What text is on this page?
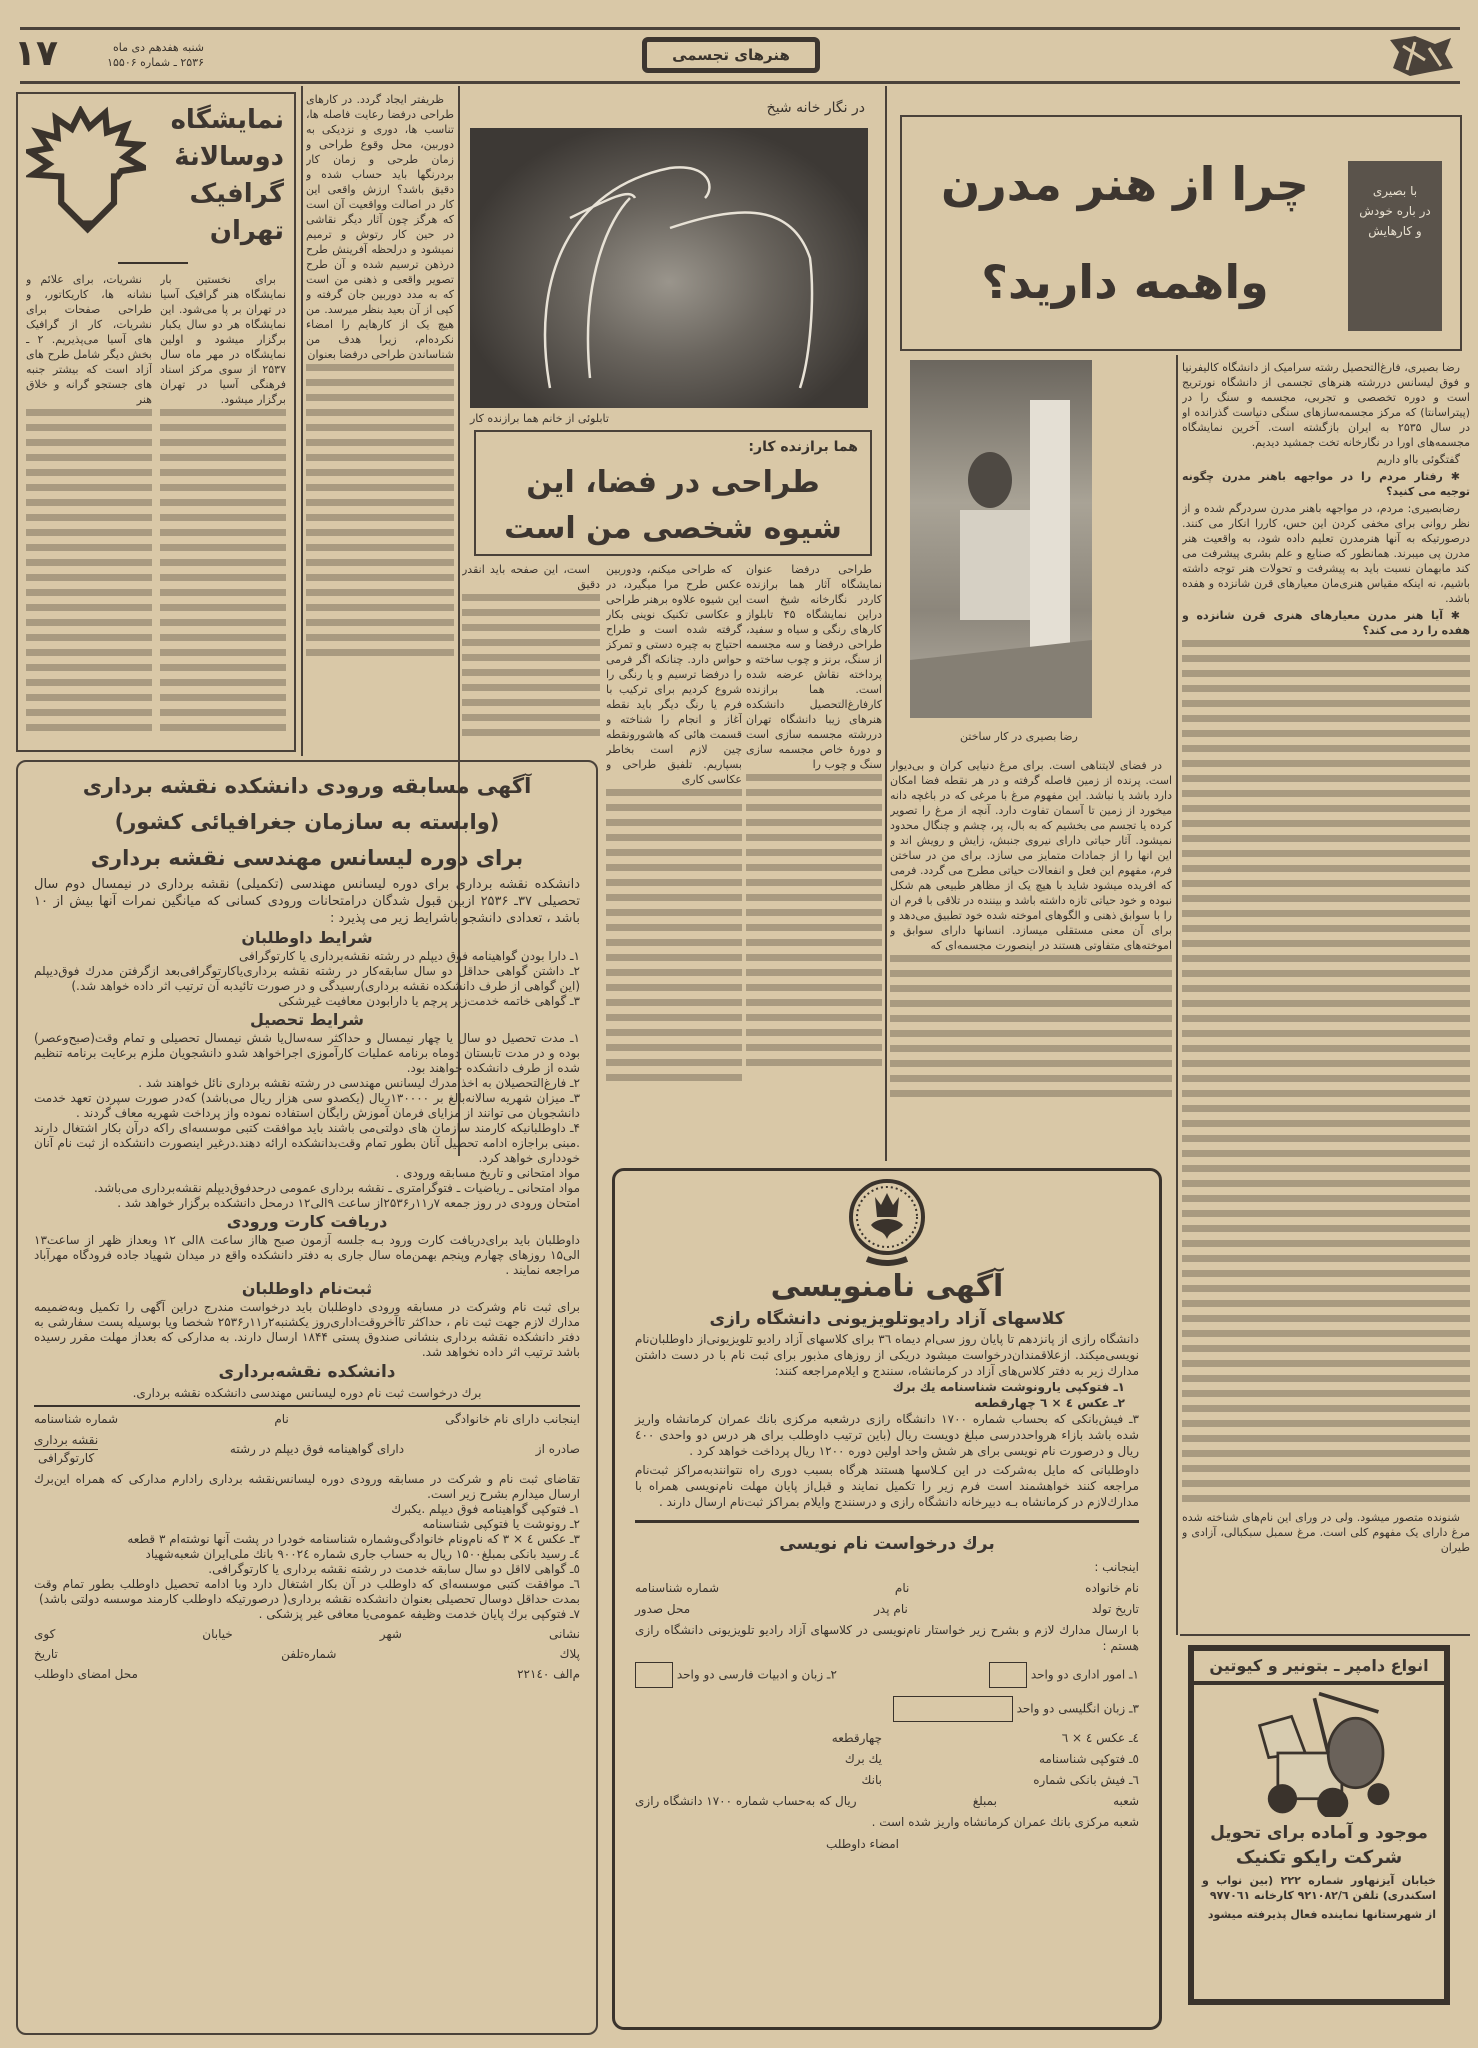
۱۷	شنبه هفدهم دی ماه
۲۵۳۶ ـ شماره ۱۵۵۰۶	هنرهای تجسمی
نمایشگاه
دوسالانهٔ
گرافیک
تهران

برای نخستین بار نمایشگاه هنر گرافیک آسیا در تهران بر پا می‌شود. این نمایشگاه هر دو سال یکبار برگزار میشود و اولین نمایشگاه در مهر ماه سال ۲۵۳۷ از سوی مرکز اسناد فرهنگی آسیا در تهران برگزار میشود.

نشریات، برای علائم و نشانه ها، کاریکاتور، و طراحی صفحات برای نشریات، کار از گرافیک های آسیا می‌پذیریم. ۲ ـ بخش دیگر شامل طرح های آزاد است که بیشتر جنبه های جستجو گرانه و خلاق هنر

ظریفتر ایجاد گردد. در کارهای طراحی درفضا رعایت فاصله ها، تناسب ها، دوری و نزدیکی به دوربین، محل وقوع طراحی و زمان طرحی و زمان کار بردرنگها باید حساب شده و دقیق باشد؟ ارزش واقعی این کار در اصالت وواقعیت آن است که هرگز چون آثار دیگر نقاشی در حین کار رتوش و ترمیم نمیشود و درلحظه آفرینش طرح درذهن ترسیم شده و آن طرح تصویر واقعی و ذهنی من است که به مدد دوربین جان گرفته و کپی از آن بعید بنظر میرسد. من هیچ یک از کارهایم را امضاء نکرده‌ام، زیرا هدف من شناساندن طراحی درفضا بعنوان

در نگار خانه شیخ
تابلوئی از خانم هما برازنده کار
هما برازنده کار:
طراحی در فضا، این
شیوه شخصی من است

طراحی درفضا عنوان نمایشگاه آثار هما برازنده کاردر نگارخانه شیخ است دراین نمایشگاه ۴۵ تابلواز کارهای رنگی و سیاه و سفید، طراحی درفضا و سه مجسمه از سنگ، برنز و چوب ساخته و پرداخته نقاش عرضه شده است. هما برازنده کارفارغ‌التحصیل دانشکده هنرهای زیبا دانشگاه تهران دررشته مجسمه سازی است و دورهٔ خاص مجسمه سازی سنگ و چوب را

که طراحی میکنم، ودوربین عکس طرح مرا میگیرد، در این شیوه علاوه برهنر طراحی و عکاسی تکنیک نوینی بکار گرفته شده است و طراح احتیاج به چیره دستی و تمرکز حواس دارد. چنانکه اگر فرمی را درفضا ترسیم و یا رنگی را شروع کردیم برای ترکیب با فرم یا رنگ دیگر باید نقطه آغاز و انجام را شناخته و قسمت هائی که هاشورونقطه چین لازم است بخاطر بسپاریم. تلفیق طراحی و عکاسی کاری

است، این صفحه باید انقدر دقیق

چرا از هنر مدرن
واهمه دارید؟
با بصیری
در باره خودش
و کارهایش
رضا بصیری در کار ساختن

در فضای لایتناهی است. برای مرغ دنیایی کران و بی‌دیوار است. پرنده از زمین فاصله گرفته و در هر نقطه فضا امکان دارد باشد یا نباشد. این مفهوم مرغ با مرغی که در باغچه دانه میخورد از زمین تا آسمان تفاوت دارد. آنچه از مرغ را تصویر کرده یا تجسم می بخشیم که به بال، پر، چشم و چنگال محدود نمیشود. آثار حیاتی دارای نیروی جنبش، زایش و رویش اند و این انها را از جمادات متمایز می سازد. برای من در ساختن فرم، مفهوم این فعل و انفعالات حیاتی مطرح می گردد. فرمی که افریده میشود شاید با هیچ یک از مظاهر طبیعی هم شکل نبوده و خود حیاتی تازه داشته باشد و بیننده در تلاقی با فرم ان را با سوابق ذهنی و الگوهای اموخته شده خود تطبیق می‌دهد و برای آن معنی مستقلی میسازد. انسانها دارای سوابق و اموخته‌های متفاوتی هستند در اینصورت مجسمه‌ای که

رضا بصیری، فارغ‌التحصیل رشته سرامیک از دانشگاه کالیفرنیا و فوق لیسانس دررشته هنرهای تجسمی از دانشگاه نورتریج است و دوره تخصصی و تجربی، مجسمه و سنگ را در (پیتراسانتا) که مرکز مجسمه‌سازهای سنگی دنیاست گذرانده او در سال ۲۵۳۵ به ایران بازگشته است. آخرین نمایشگاه مجسمه‌های اورا در نگارخانه تخت جمشید دیدیم.

گفتگوئی بااو داریم

✱ رفتار مردم را در مواجهه باهنر مدرن چگونه توجیه می کنید؟

رضابصیری: مردم، در مواجهه باهنر مدرن سردرگم شده و از نظر روانی برای مخفی کردن این حس، کاررا انکار می کنند. درصورتیکه به آنها هنرمدرن تعلیم داده شود، به واقعیت هنر مدرن پی میبرند. همانطور که صنایع و علم بشری پیشرفت می کند مابهمان نسبت باید به پیشرفت و تحولات هنر توجه داشته باشیم، نه اینکه مقیاس هنری‌مان معیارهای قرن شانزده و هفده باشد.

✱ آیا هنر مدرن معیارهای هنری قرن شانزده و هفده را رد می کند؟

شنونده متصور میشود. ولی در ورای این نام‌های شناخته شده مرغ دارای یک مفهوم کلی است. مرغ سمبل سبکبالی، آزادی و طیران

انواع دامپر ـ بتونیر و کیوتین
موجود و آماده برای تحویل
شرکت رایکو تکنیک
خیابان آیزنهاور شماره ۲۲۲ (بین نواب و اسکندری) تلفن ۹۲۱۰۸۲/٦ کارخانه ۹۷۷۰٦۱
از شهرستانها نماینده فعال پذیرفته میشود
آگهی مسابقه ورودی دانشکده نقشه برداری
(وابسته به سازمان جغرافیائی کشور)
برای دوره لیسانس مهندسی نقشه برداری

دانشکده نقشه برداری برای دوره لیسانس مهندسی (تکمیلی) نقشه برداری در نیمسال دوم سال تحصیلی ۳۷ـ ۲۵۳۶ ازبین قبول شدگان درامتحانات ورودی کسانی که میانگین نمرات آنها بیش از ۱۰ باشد ، تعدادی دانشجو باشرایط زیر می پذیرد :

شرایط داوطلبان

۱ـ دارا بودن گواهینامه فوق دیپلم در رشته نقشه‌برداری یا کارتوگرافی

۲ـ داشتن گواهی حداقل دو سال سابقه‌کار در رشته نقشه برداری‌یاکارتوگرافی‌بعد ازگرفتن مدرك فوق‌دیپلم (این گواهی از طرف دانشکده نقشه برداری)رسیدگی و در صورت تائیدبه آن ترتیب اثر داده خواهد شد.)

۳ـ گواهی خاتمه خدمت‌زیر پرچم یا دارابودن معافیت غیرشکی

شرایط تحصیل

۱ـ مدت تحصیل دو سال یا چهار نیمسال و حداکثر سه‌سال‌یا شش نیمسال تحصیلی و تمام وقت(صبح‌وعصر) بوده و در مدت تابستان دوماه برنامه عملیات کارآموزی اجراخواهد شدو دانشجویان ملزم برعایت برنامه تنظیم شده از طرف دانشکده خواهند بود.

۲ـ فارغ‌التحصیلان به اخذ مدرك لیسانس مهندسی در رشته نقشه برداری نائل خواهند شد .

۳ـ میزان شهریه سالانه‌بالغ بر ۱۳۰۰۰۰ریال (یکصدو سی هزار ریال می‌باشد) که‌در صورت سپردن تعهد خدمت دانشجویان می توانند از مزایای فرمان آموزش رایگان استفاده نموده واز پرداخت شهریه معاف گردند .

۴ـ داوطلبانیکه کارمند سازمان های دولتی‌می باشند باید موافقت کتبی موسسه‌ای راکه درآن بکار اشتغال دارند .مبنی براجازه ادامه تحصیل آنان بطور تمام وقت‌بدانشکده ارائه دهند.درغیر اینصورت دانشکده از ثبت نام آنان خودداری خواهد کرد.

مواد امتحانی و تاریخ مسابقه ورودی .

مواد امتحانی ـ ریاضیات ـ فتوگرامتری ـ نقشه برداری عمومی درحدفوق‌دیپلم نقشه‌برداری می‌باشد.

امتحان ورودی در روز جمعه ۷ر۱۱ر۲۵۳۶از ساعت ۹الی۱۲ درمحل دانشکده برگزار خواهد شد .

دریافت کارت ورودی

داوطلبان باید برای‌دریافت کارت ورود بـه جلسه آزمون صبح هااز ساعت ۸الی ۱۲ وبعداز ظهر از ساعت۱۳ الی۱۵ روزهای چهارم وپنجم بهمن‌ماه سال جاری به دفتر دانشکده واقع در میدان شهیاد جاده فرودگاه مهرآباد مراجعه نمایند .

ثبت‌نام داوطلبان

برای ثبت نام وشرکت در مسابقه ورودی داوطلبان باید درخواست مندرج دراین آگهی را تکمیل وبه‌ضمیمه مدارك لازم جهت ثبت نام ، حداکثر تاآخروقت‌اداری‌روز یکشنبه۲ر۱۱ر۲۵۳۶ شخصا ویا بوسیله پست سفارشی به دفتر دانشکده نقشه برداری بنشانی صندوق پستی ۱۸۴۴ ارسال دارند. به مدارکی که بعداز مهلت مقرر رسیده باشد ترتیب اثر داده نخواهد شد.

دانشکده نقشه‌برداری
برك درخواست ثبت نام دوره لیسانس مهندسی دانشکده نقشه برداری.
اینجانب دارای نام خانوادگی
نام
شماره شناسنامه
صادره از
دارای گواهینامه فوق دیپلم در رشته
نقشه برداری
کارتوگرافی

تقاضای ثبت نام و شرکت در مسابقه ورودی دوره لیسانس‌نقشه برداری رادارم مدارکی که همراه این‌برك ارسال میدارم بشرح زیر است.

۱ـ فتوکپی گواهینامه فوق دیپلم .یکبرك

۲ـ رونوشت یا فتوکپی شناسنامه

۳ـ عکس ٤ × ۳ که نام‌ونام خانوادگی‌وشماره شناسنامه خودرا در پشت آنها نوشته‌ام ۳ قطعه

٤ـ رسید بانکی بمبلغ۱۵۰۰ ریال به حساب جاری شماره ۹۰۰۲٤ بانك ملی‌ایران شعبه‌شهیاد

٥ـ گواهی لااقل دو سال سابقه خدمت در رشته نقشه برداری یا کارتوگرافی.

٦ـ موافقت کتبی موسسه‌ای که داوطلب در آن بکار اشتغال دارد وبا ادامه تحصیل داوطلب بطور تمام وقت بمدت حداقل دوسال تحصیلی بعنوان دانشکده نقشه برداری( درصورتیکه داوطلب کارمند موسسه دولتی باشد)

۷ـ فتوکپی برك پایان خدمت وظیفه عمومی‌یا معافی غیر پزشکی .

نشانی
شهر
خیابان
کوی
پلاك
شماره‌تلفن
تاریخ
م‌الف ۲۲۱٤۰
محل امضای داوطلب
آگهی نامنویسی
کلاسهای آزاد رادیوتلویزیونی دانشگاه رازی

دانشگاه رازی از پانزدهم تا پایان روز سی‌ام دیماه ۳٦ برای کلاسهای آزاد رادیو تلویزیونی‌از داوطلبان‌نام نویسی‌میکند. ازعلاقمندان‌درخواست میشود دریکی از روزهای مذبور برای ثبت نام با در دست داشتن مدارك زیر به دفتر کلاس‌های آزاد در کرمانشاه، سنندج و ایلام‌مراجعه کنند:

۱ـ فتوکپی یارونوشت شناسنامه یك برك

۲ـ عکس ٤ × ٦ چهارقطعه

۳ـ فیش‌بانکی که بحساب شماره ۱۷۰۰ دانشگاه رازی درشعبه مرکزی بانك عمران کرمانشاه واریز شده باشد بازاء هرواحددرسی مبلغ دویست ریال (باین ترتیب داوطلب برای هر درس دو واحدی ٤۰۰ ریال و درصورت نام نویسی برای هر شش واحد اولین دوره ۱۲۰۰ ریال پرداخت خواهد کرد .

داوطلبانی که مایل به‌شرکت در این کـلاسها هستند هرگاه بسبب دوری راه نتوانندبه‌مراکز ثبت‌نام مراجعه کنند خواهشمند است فرم زیر را تکمیل نمایند و قبل‌از پایان مهلت نام‌نویسی همراه با مدارك‌لازم در کرمانشاه بـه دبیرخانه دانشگاه رازی و درسنندج وایلام بمراکز ثبت‌نام ارسال دارند .

برك درخواست نام نویسی
اینجانب :
نام خانواده
نام
شماره شناسنامه
تاریخ تولد
نام پدر
محل صدور

با ارسال مدارك لازم و بشرح زیر خواستار نام‌نویسی در کلاسهای آزاد رادیو تلویزیونی دانشگاه رازی هستم :

۱ـ امور اداری دو واحد
۲ـ زبان و ادبیات فارسی دو واحد
۳ـ زبان انگلیسی دو واحد
٤ـ عکس ٤ × ٦
چهارقطعه
٥ـ فتوکپی شناسنامه
یك برك
٦ـ فیش بانکی شماره
بانك
شعبه
بمبلغ
ریال که به‌حساب شماره ۱۷۰۰ دانشگاه رازی
شعبه مرکزی بانك عمران کرمانشاه واریز شده است .
امضاء داوطلب
